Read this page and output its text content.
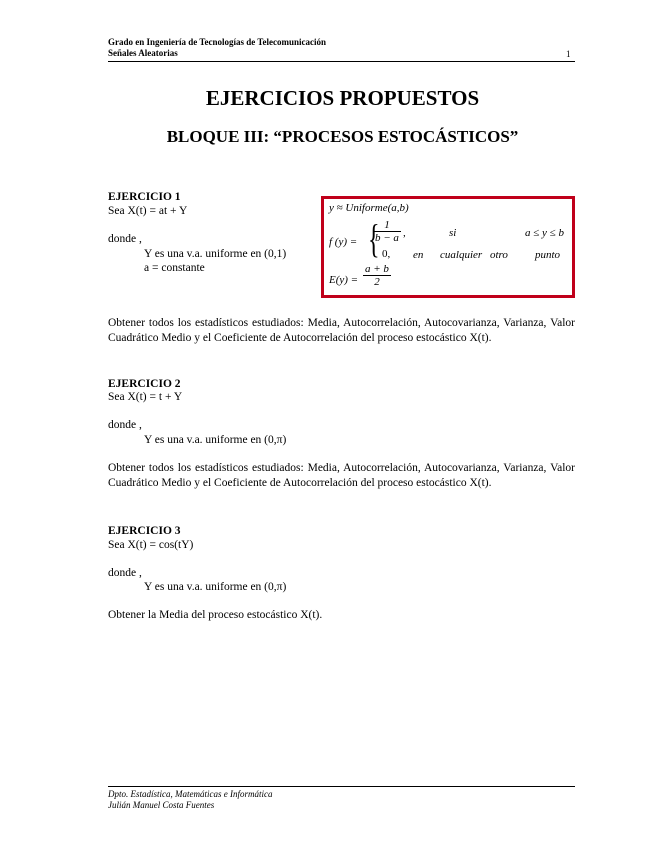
Grado en Ingeniería de Tecnologías de Telecomunicación
Señales Aleatorias	1
EJERCICIOS PROPUESTOS
BLOQUE III: “PROCESOS ESTOCÁSTICOS”
EJERCICIO 1
Sea X(t) = at + Y
donde ,
Y es una v.a. uniforme en (0,1)
a = constante
y ≈ Uniforme(a,b)
f (y) = {
$\frac{1}{b - a}$ ,	si	a ≤ y ≤ b
0, en cualquier otro punto
$E(y) = \frac{a + b}{2}$
Obtener todos los estadísticos estudiados: Media, Autocorrelación, Autocovarianza, Varianza, Valor Cuadrático Medio y el Coeficiente de Autocorrelación del proceso estocástico X(t).
EJERCICIO 2
Sea X(t) = t + Y
donde ,
Y es una v.a. uniforme en (0,π)
Obtener todos los estadísticos estudiados: Media, Autocorrelación, Autocovarianza, Varianza, Valor Cuadrático Medio y el Coeficiente de Autocorrelación del proceso estocástico X(t).
EJERCICIO 3
Sea X(t) = cos(tY)
donde ,
Y es una v.a. uniforme en (0,π)
Obtener la Media del proceso estocástico X(t).
Dpto. Estadística, Matemáticas e Informática
Julián Manuel Costa Fuentes
